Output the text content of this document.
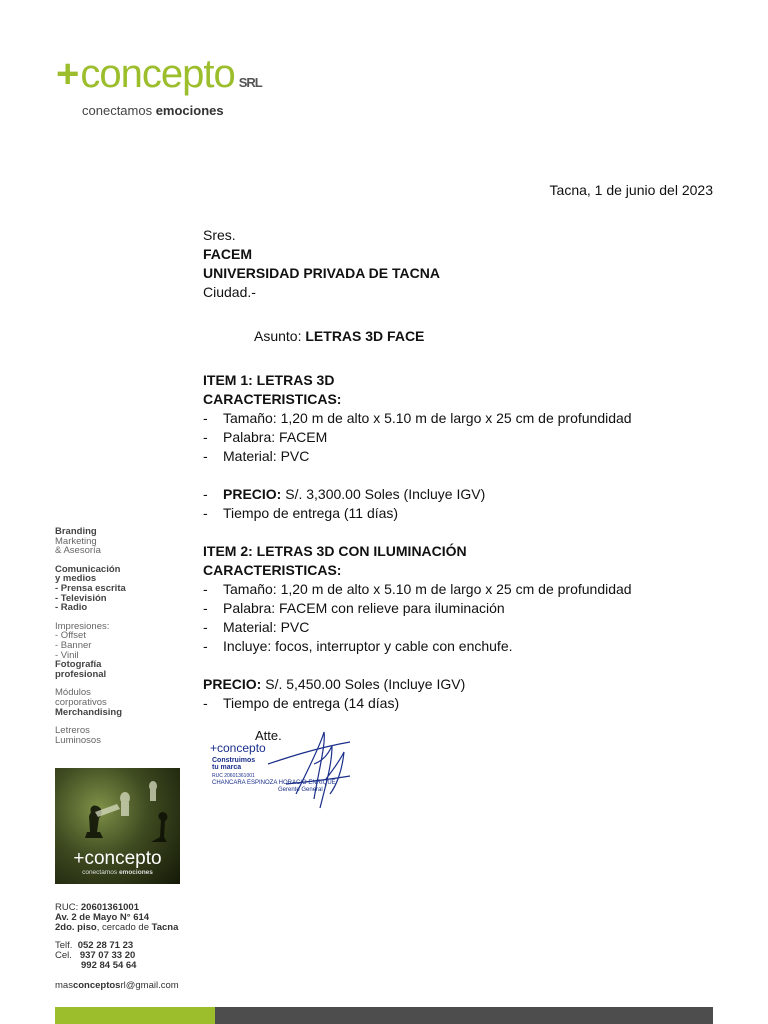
+concepto SRL
conectamos emociones
Tacna, 1 de junio del 2023

Sres.

FACEM

UNIVERSIDAD PRIVADA DE TACNA

Ciudad.-

Asunto: LETRAS 3D FACE

ITEM 1: LETRAS 3D

CARACTERISTICAS:

- Tamaño: 1,20 m de alto x 5.10 m de largo x 25 cm de profundidad
- Palabra: FACEM
- Material: PVC
- PRECIO: S/. 3,300.00 Soles (Incluye IGV)
- Tiempo de entrega (11 días)

ITEM 2: LETRAS 3D CON ILUMINACIÓN

CARACTERISTICAS:

- Tamaño: 1,20 m de alto x 5.10 m de largo x 25 cm de profundidad
- Palabra: FACEM con relieve para iluminación
- Material: PVC
- Incluye: focos, interruptor y cable con enchufe.

PRECIO: S/. 5,450.00 Soles (Incluye IGV)

- Tiempo de entrega (14 días)
Atte.
+concepto
Construimos
tu marca
RUC 20601361001
CHANCARA ESPINOZA HORACIO ENRIQUE
Gerente General
Branding
Marketing
& Asesoría
Comunicación
y medios
- Prensa escrita
- Televisión
- Radio
Impresiones:
- Offset
- Banner
- Vinil
Fotografía
profesional
Módulos
corporativos
Merchandising
Letreros
Luminosos
+concepto
conectamos emociones
RUC: 20601361001
Av. 2 de Mayo N° 614
2do. piso, cercado de Tacna
Telf.  052 28 71 23
Cel.   937 07 33 20
992 84 54 64
masconceptosrl@gmail.com
